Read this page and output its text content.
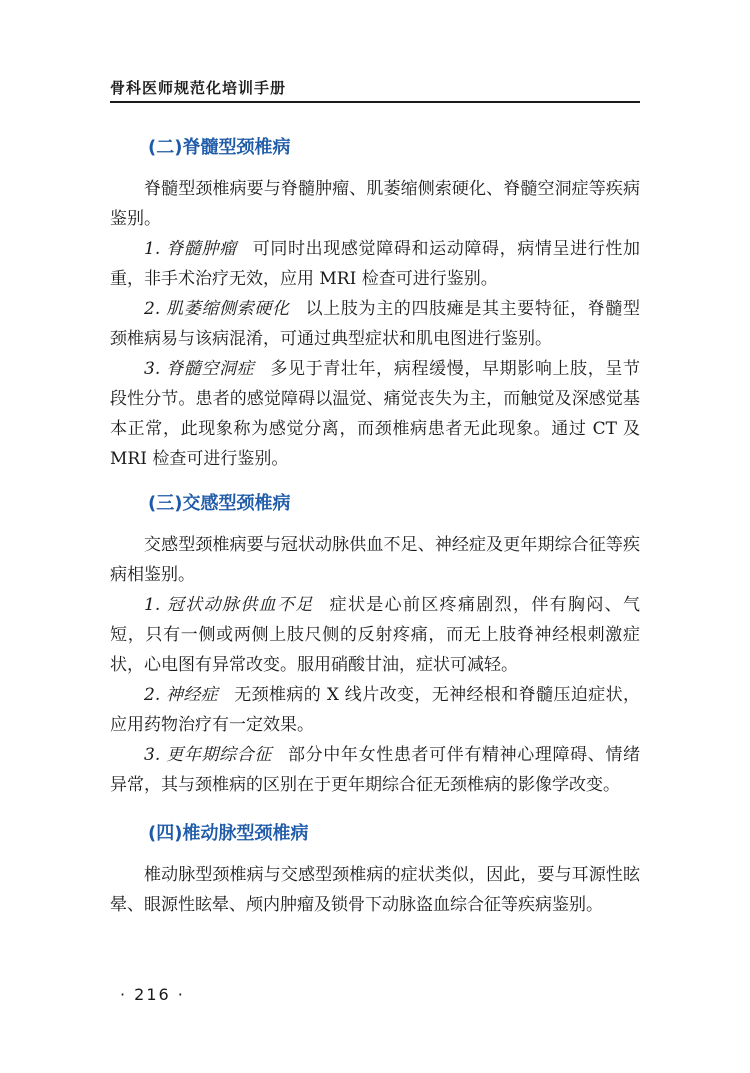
骨科医师规范化培训手册
(二)脊髓型颈椎病

脊髓型颈椎病要与脊髓肿瘤、肌萎缩侧索硬化、脊髓空洞症等疾病鉴别。

1. 脊髓肿瘤 可同时出现感觉障碍和运动障碍，病情呈进行性加重，非手术治疗无效，应用 MRI 检查可进行鉴别。

2. 肌萎缩侧索硬化 以上肢为主的四肢瘫是其主要特征，脊髓型颈椎病易与该病混淆，可通过典型症状和肌电图进行鉴别。

3. 脊髓空洞症 多见于青壮年，病程缓慢，早期影响上肢，呈节段性分节。患者的感觉障碍以温觉、痛觉丧失为主，而触觉及深感觉基本正常，此现象称为感觉分离，而颈椎病患者无此现象。通过 CT 及 MRI 检查可进行鉴别。

(三)交感型颈椎病

交感型颈椎病要与冠状动脉供血不足、神经症及更年期综合征等疾病相鉴别。

1. 冠状动脉供血不足 症状是心前区疼痛剧烈，伴有胸闷、气短，只有一侧或两侧上肢尺侧的反射疼痛，而无上肢脊神经根刺激症状，心电图有异常改变。服用硝酸甘油，症状可减轻。

2. 神经症 无颈椎病的 X 线片改变，无神经根和脊髓压迫症状，应用药物治疗有一定效果。

3. 更年期综合征 部分中年女性患者可伴有精神心理障碍、情绪异常，其与颈椎病的区别在于更年期综合征无颈椎病的影像学改变。

(四)椎动脉型颈椎病

椎动脉型颈椎病与交感型颈椎病的症状类似，因此，要与耳源性眩晕、眼源性眩晕、颅内肿瘤及锁骨下动脉盗血综合征等疾病鉴别。

· 216 ·
